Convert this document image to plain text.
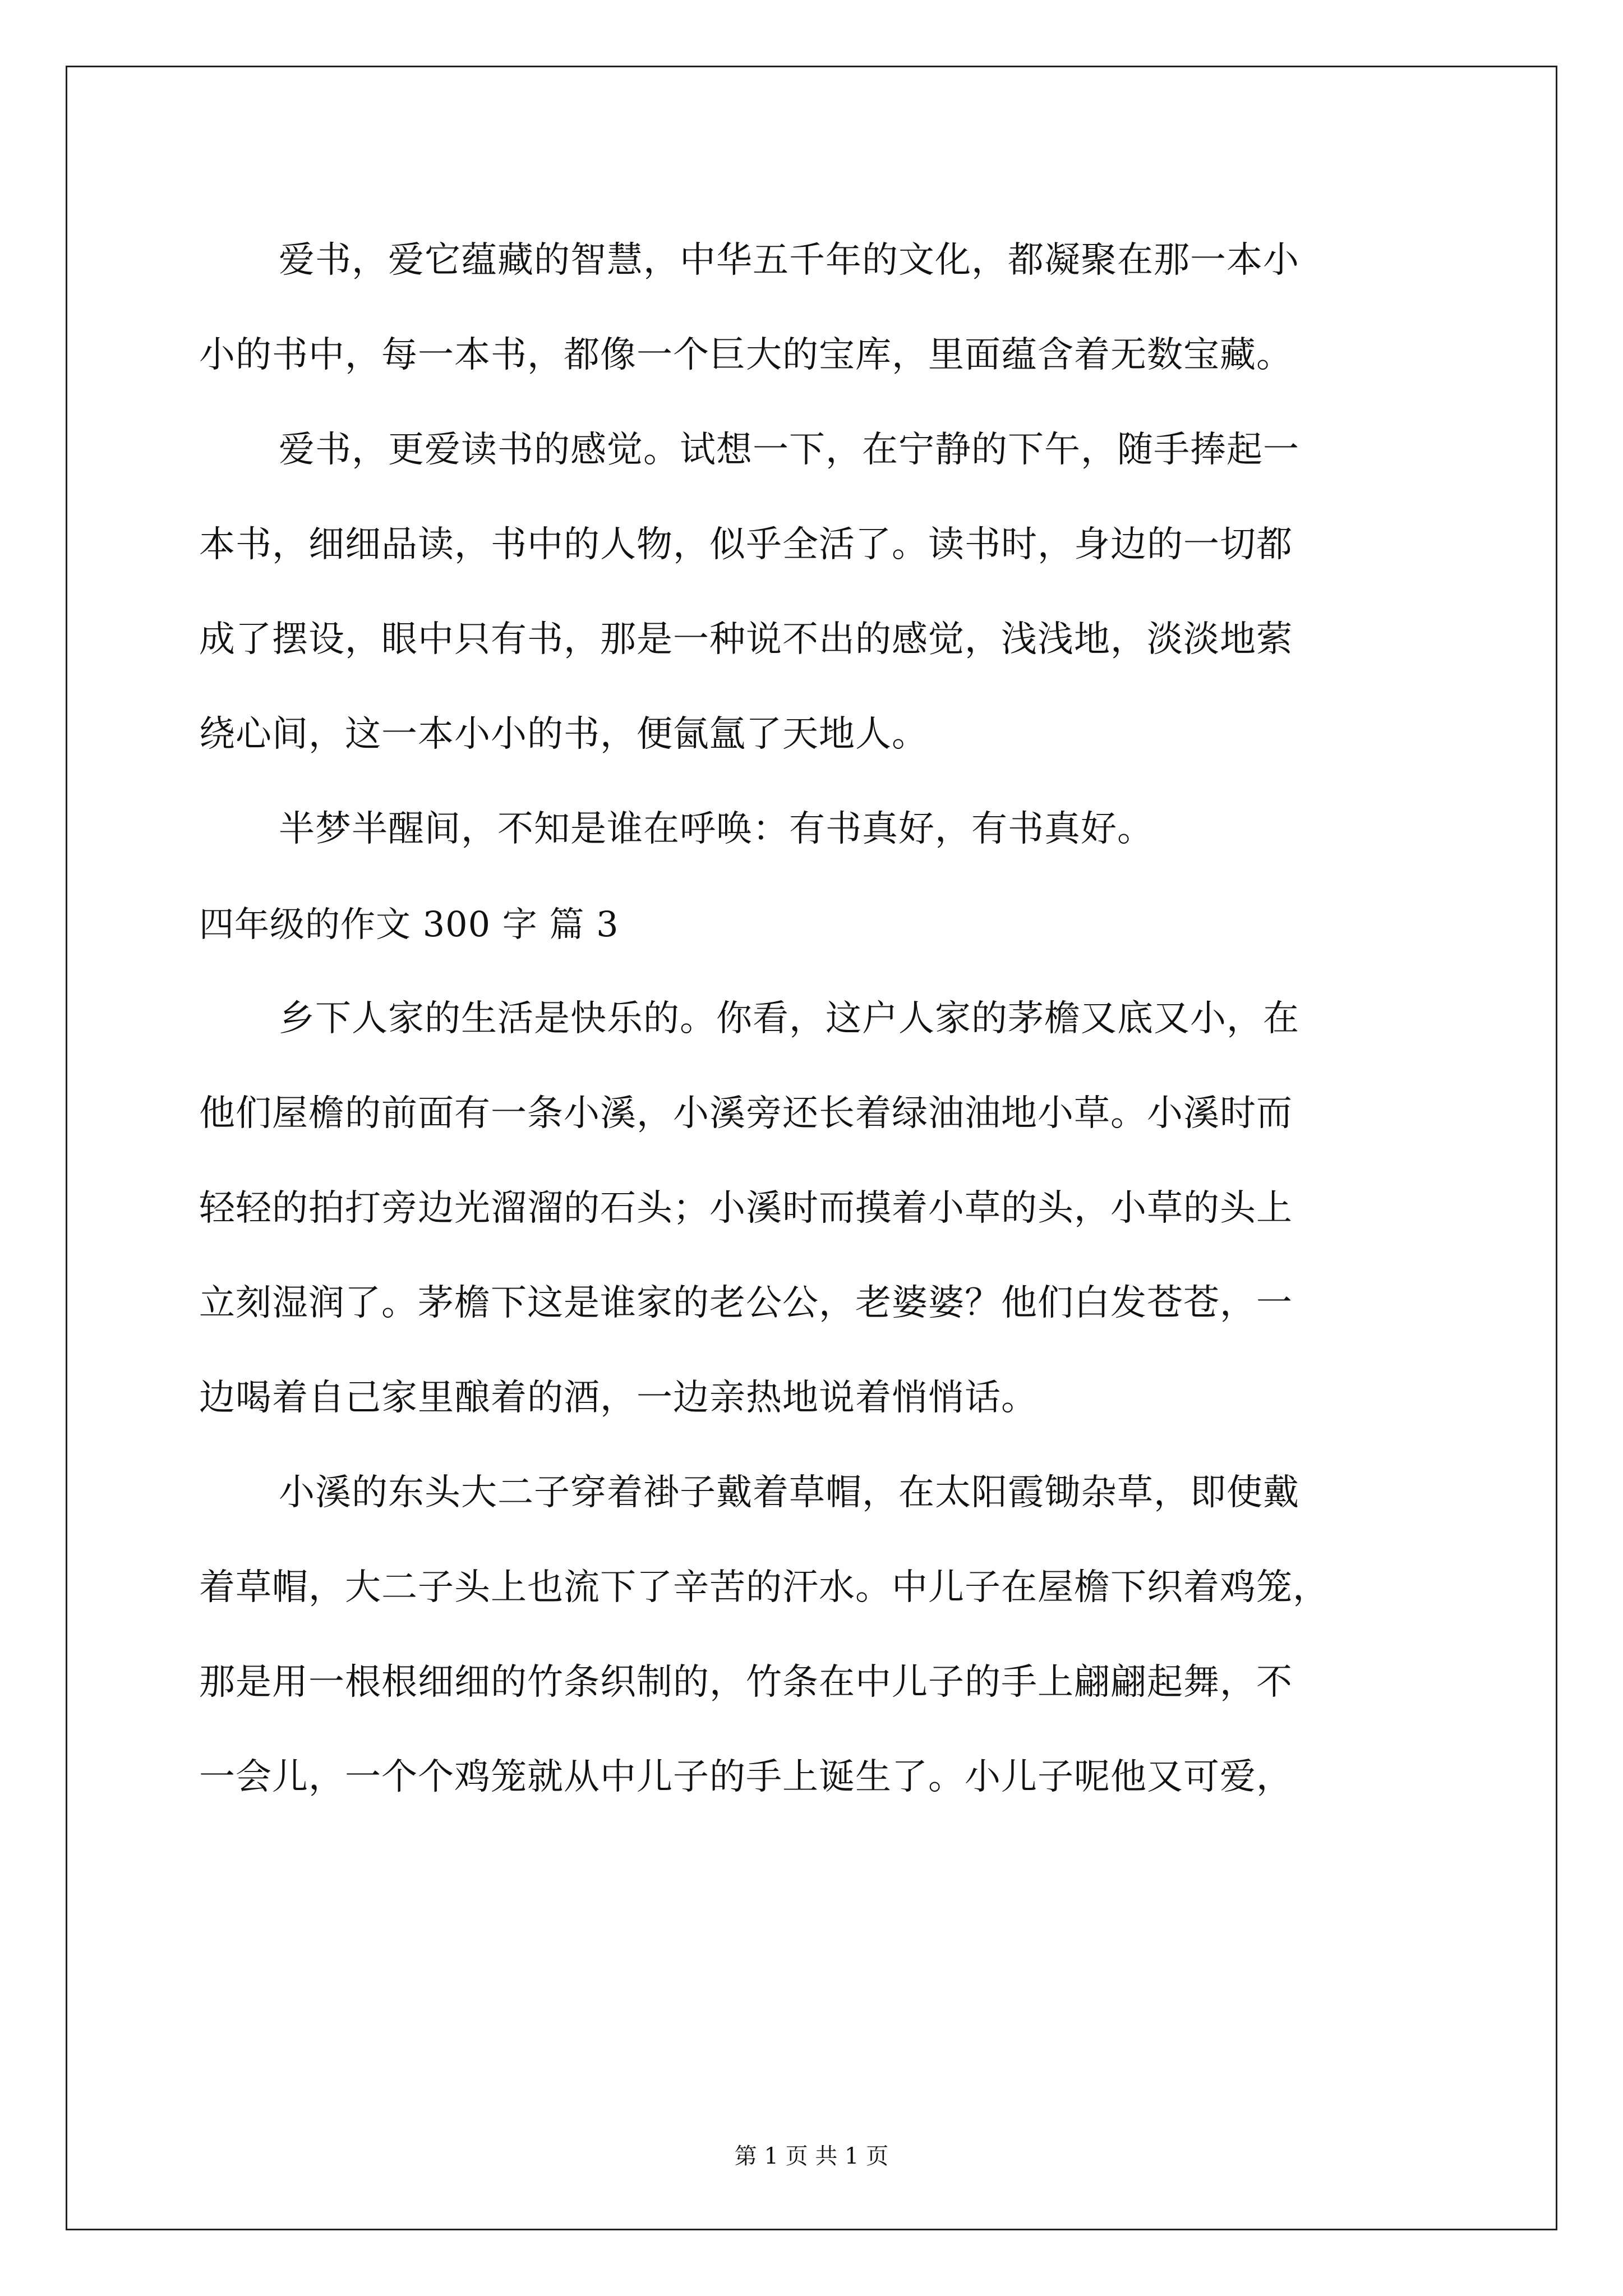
爱书，爱它蕴藏的智慧，中华五千年的文化，都凝聚在那一本小
小的书中，每一本书，都像一个巨大的宝库，里面蕴含着无数宝藏。
爱书，更爱读书的感觉。试想一下，在宁静的下午，随手捧起一
本书，细细品读，书中的人物，似乎全活了。读书时，身边的一切都
成了摆设，眼中只有书，那是一种说不出的感觉，浅浅地，淡淡地萦
绕心间，这一本小小的书，便氤氲了天地人。
半梦半醒间，不知是谁在呼唤：有书真好，有书真好。
四年级的作文 300 字 篇 3
乡下人家的生活是快乐的。你看，这户人家的茅檐又底又小，在
他们屋檐的前面有一条小溪，小溪旁还长着绿油油地小草。小溪时而
轻轻的拍打旁边光溜溜的石头；小溪时而摸着小草的头，小草的头上
立刻湿润了。茅檐下这是谁家的老公公，老婆婆？他们白发苍苍，一
边喝着自己家里酿着的酒，一边亲热地说着悄悄话。
小溪的东头大二子穿着褂子戴着草帽，在太阳霞锄杂草，即使戴
着草帽，大二子头上也流下了辛苦的汗水。中儿子在屋檐下织着鸡笼，
那是用一根根细细的竹条织制的，竹条在中儿子的手上翩翩起舞，不
一会儿，一个个鸡笼就从中儿子的手上诞生了。小儿子呢他又可爱，
第 1 页 共 1 页
